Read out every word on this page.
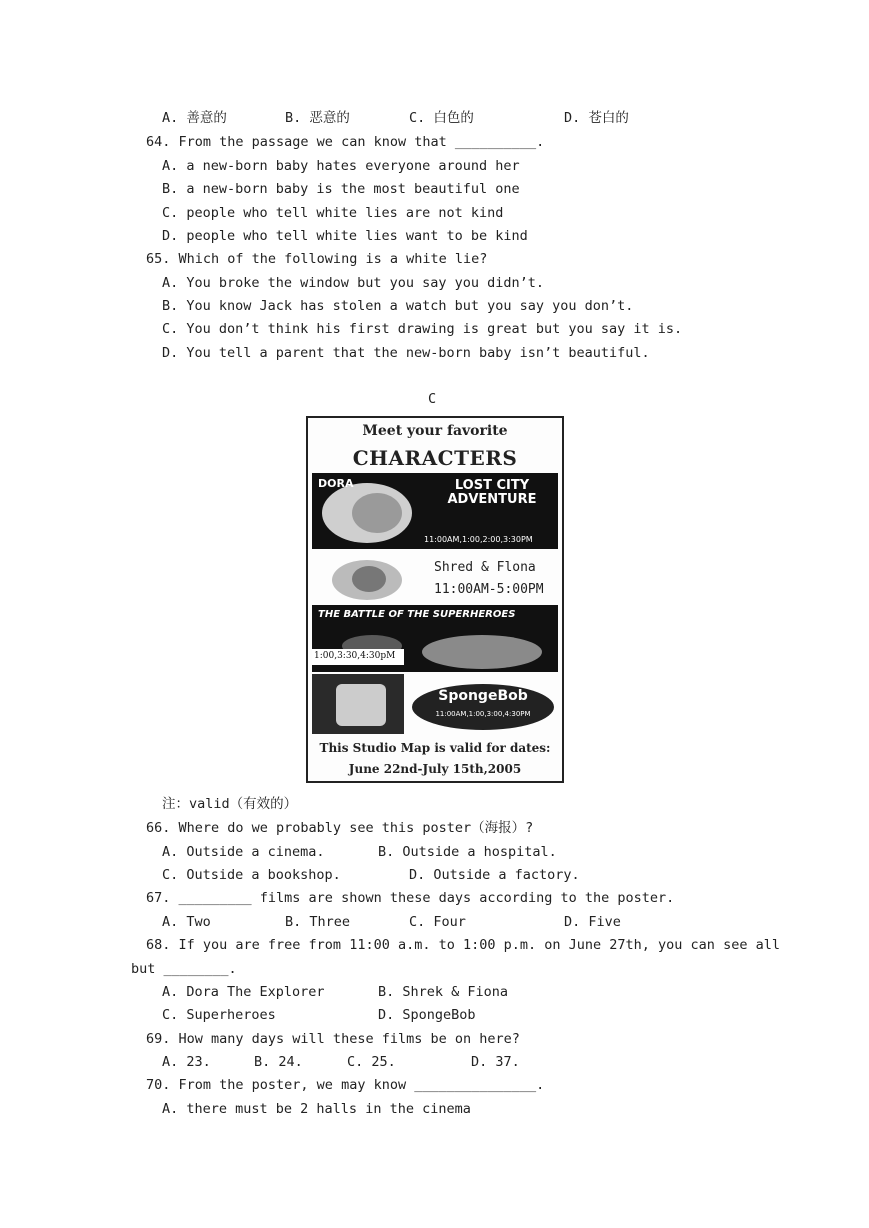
A. 善意的	B. 恶意的	C. 白色的	D. 苍白的
64. From the passage we can know that __________.
A. a new-born baby hates everyone around her
B. a new-born baby is the most beautiful one
C. people who tell white lies are not kind
D. people who tell white lies want to be kind
65. Which of the following is a white lie?
A. You broke the window but you say you didn’t.
B. You know Jack has stolen a watch but you say you don’t.
C. You don’t think his first drawing is great but you say it is.
D. You tell a parent that the new-born baby isn’t beautiful.
C
Meet your favorite
CHARACTERS
DORA	LOST CITY ADVENTURE
11:00AM,1:00,2:00,3:30PM
Shred & Flona
11:00AM-5:00PM
THE BATTLE OF THE SUPERHEROES
1:00,3:30,4:30pM
SpongeBob
11:00AM,1:00,3:00,4:30PM
This Studio Map is valid for dates:
June 22nd-July 15th,2005
注：valid（有效的）
66. Where do we probably see this poster（海报）?
A. Outside a cinema.	B. Outside a hospital.
C. Outside a bookshop.	D. Outside a factory.
67. _________ films are shown these days according to the poster.
A. Two	B. Three	C. Four	D. Five
68. If you are free from 11:00 a.m. to 1:00 p.m. on June 27th, you can see all
but ________.
A. Dora The Explorer	B. Shrek & Fiona
C. Superheroes	D. SpongeBob
69. How many days will these films be on here?
A. 23.	B. 24.	C. 25.	D. 37.
70. From the poster, we may know _______________.
A. there must be 2 halls in the cinema
